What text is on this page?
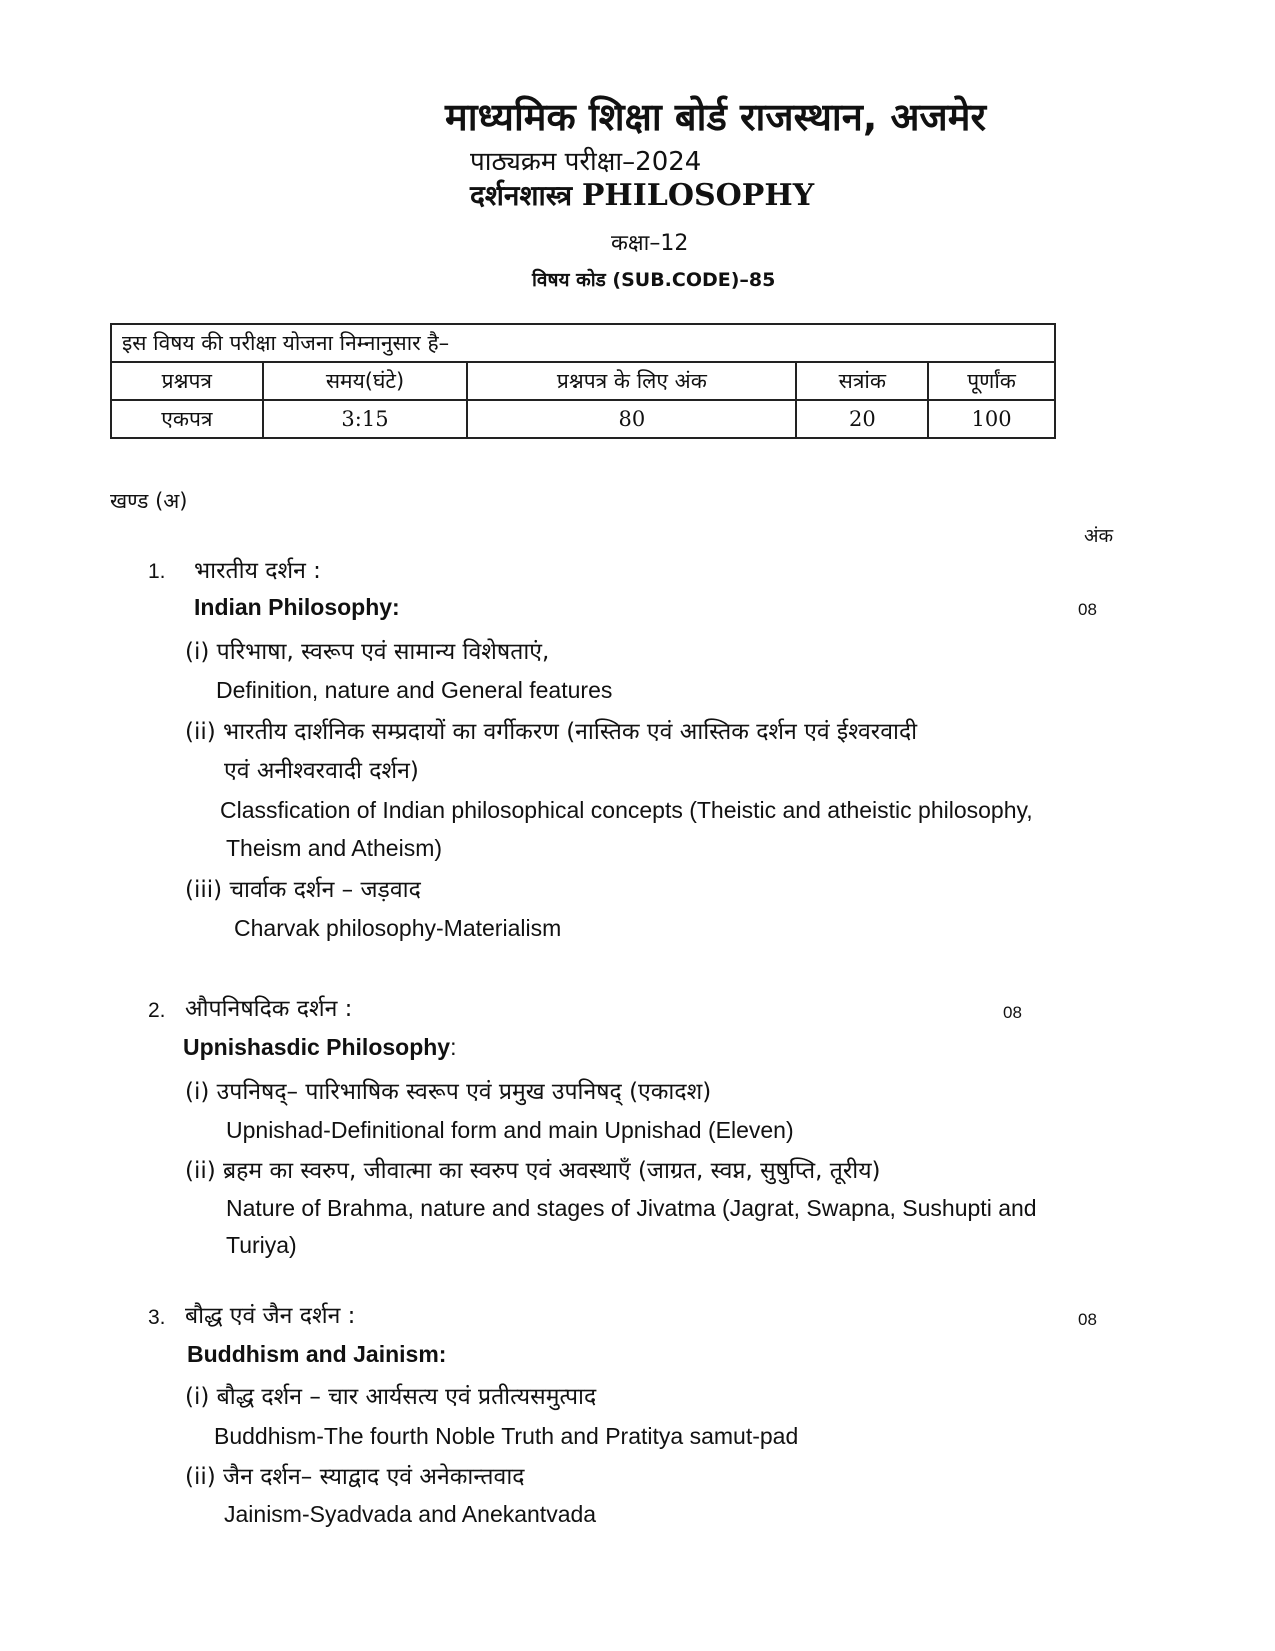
माध्यमिक शिक्षा बोर्ड राजस्थान, अजमेर
पाठ्यक्रम परीक्षा–2024
दर्शनशास्त्र PHILOSOPHY
कक्षा–12
विषय कोड (SUB.CODE)–85
इस विषय की परीक्षा योजना निम्नानुसार है–				
प्रश्नपत्र	समय(घंटे)	प्रश्नपत्र के लिए अंक	सत्रांक	पूर्णांक
एकपत्र	3:15	80	20	100
खण्ड (अ)
अंक
1. भारतीय दर्शन :
Indian Philosophy:	08
(i) परिभाषा, स्वरूप एवं सामान्य विशेषताएं,
Definition, nature and General features
(ii) भारतीय दार्शनिक सम्प्रदायों का वर्गीकरण (नास्तिक एवं आस्तिक दर्शन एवं ईश्वरवादी
एवं अनीश्वरवादी दर्शन)
Classfication of Indian philosophical concepts (Theistic and atheistic philosophy,
Theism and Atheism)
(iii) चार्वाक दर्शन – जड़वाद
Charvak philosophy-Materialism
2. औपनिषदिक दर्शन :	08
Upnishasdic Philosophy:
(i) उपनिषद्– पारिभाषिक स्वरूप एवं प्रमुख उपनिषद् (एकादश)
Upnishad-Definitional form and main Upnishad (Eleven)
(ii) ब्रहम का स्वरुप, जीवात्मा का स्वरुप एवं अवस्थाएँ (जाग्रत, स्वप्न, सुषुप्ति, तूरीय)
Nature of Brahma, nature and stages of Jivatma (Jagrat, Swapna, Sushupti and
Turiya)
3. बौद्ध एवं जैन दर्शन :	08
Buddhism and Jainism:
(i) बौद्ध दर्शन – चार आर्यसत्य एवं प्रतीत्यसमुत्पाद
Buddhism-The fourth Noble Truth and Pratitya samut-pad
(ii) जैन दर्शन– स्याद्वाद एवं अनेकान्तवाद
Jainism-Syadvada and Anekantvada
